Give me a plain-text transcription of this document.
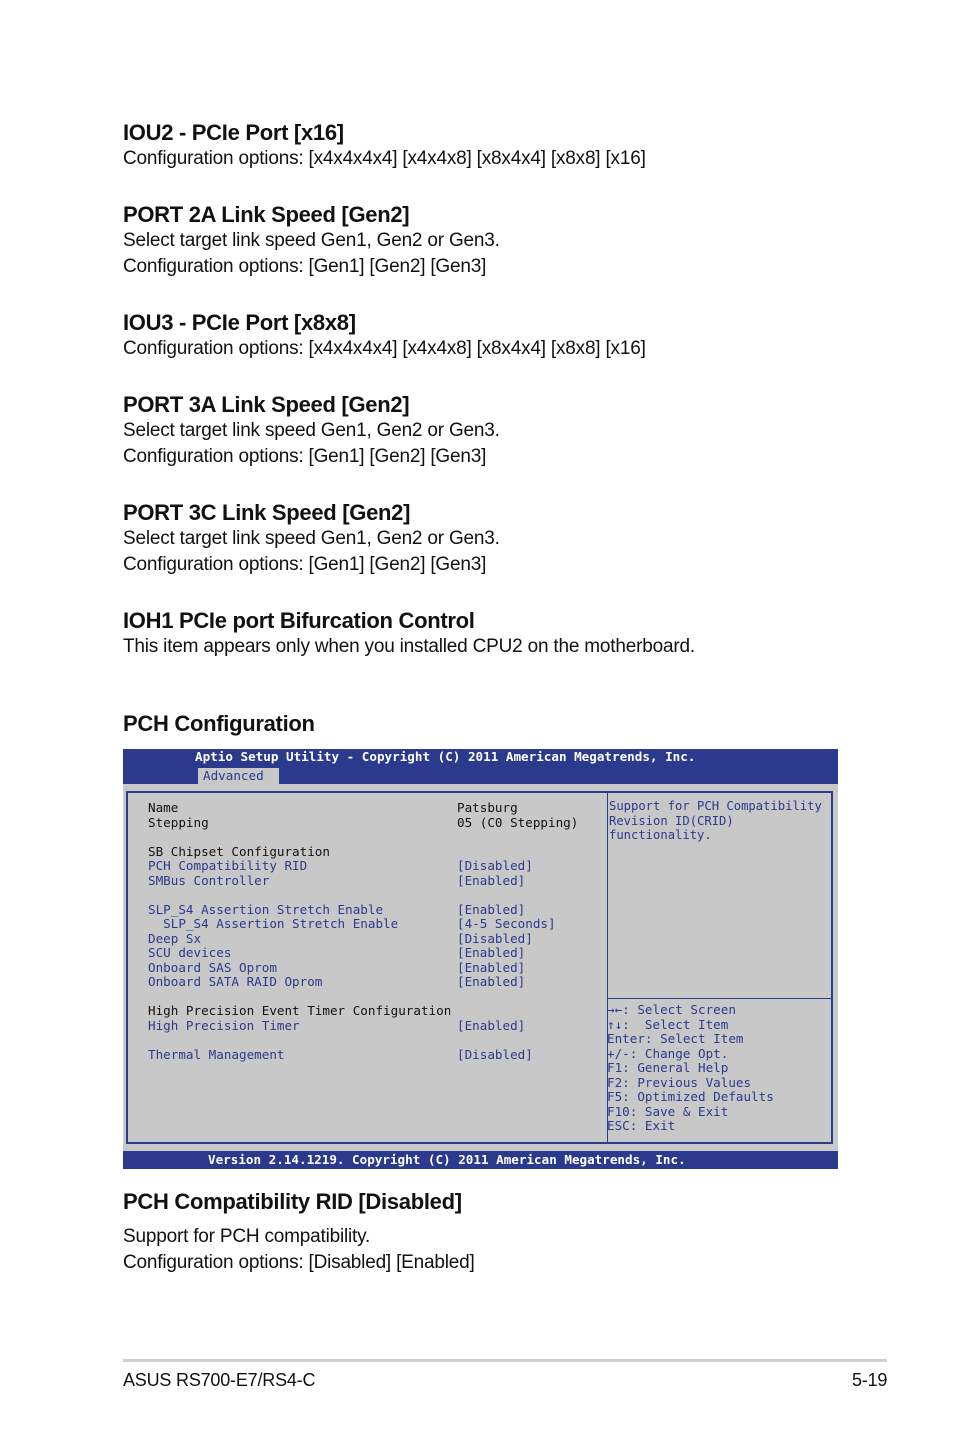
IOU2 - PCIe Port [x16]
Configuration options: [x4x4x4x4] [x4x4x8] [x8x4x4] [x8x8] [x16]
PORT 2A Link Speed [Gen2]
Select target link speed Gen1, Gen2 or Gen3.
Configuration options: [Gen1] [Gen2] [Gen3]
IOU3 - PCIe Port [x8x8]
Configuration options: [x4x4x4x4] [x4x4x8] [x8x4x4] [x8x8] [x16]
PORT 3A Link Speed [Gen2]
Select target link speed Gen1, Gen2 or Gen3.
Configuration options: [Gen1] [Gen2] [Gen3]
PORT 3C Link Speed [Gen2]
Select target link speed Gen1, Gen2 or Gen3.
Configuration options: [Gen1] [Gen2] [Gen3]
IOH1 PCIe port Bifurcation Control
This item appears only when you installed CPU2 on the motherboard.
PCH Configuration
Aptio Setup Utility - Copyright (C) 2011 American Megatrends, Inc.
Advanced
Name	Patsburg
Stepping	05 (C0 Stepping)
SB Chipset Configuration
PCH Compatibility RID	[Disabled]
SMBus Controller	[Enabled]
SLP_S4 Assertion Stretch Enable	[Enabled]
SLP_S4 Assertion Stretch Enable	[4-5 Seconds]
Deep Sx	[Disabled]
SCU devices	[Enabled]
Onboard SAS Oprom	[Enabled]
Onboard SATA RAID Oprom	[Enabled]
High Precision Event Timer Configuration
High Precision Timer	[Enabled]
Thermal Management	[Disabled]
Support for PCH Compatibility
Revision ID(CRID)
functionality.
→←: Select Screen
↑↓:  Select Item
Enter: Select Item
+/-: Change Opt.
F1: General Help
F2: Previous Values
F5: Optimized Defaults
F10: Save & Exit
ESC: Exit
Version 2.14.1219. Copyright (C) 2011 American Megatrends, Inc.
PCH Compatibility RID [Disabled]
Support for PCH compatibility.
Configuration options: [Disabled] [Enabled]
ASUS RS700-E7/RS4-C	5-19
